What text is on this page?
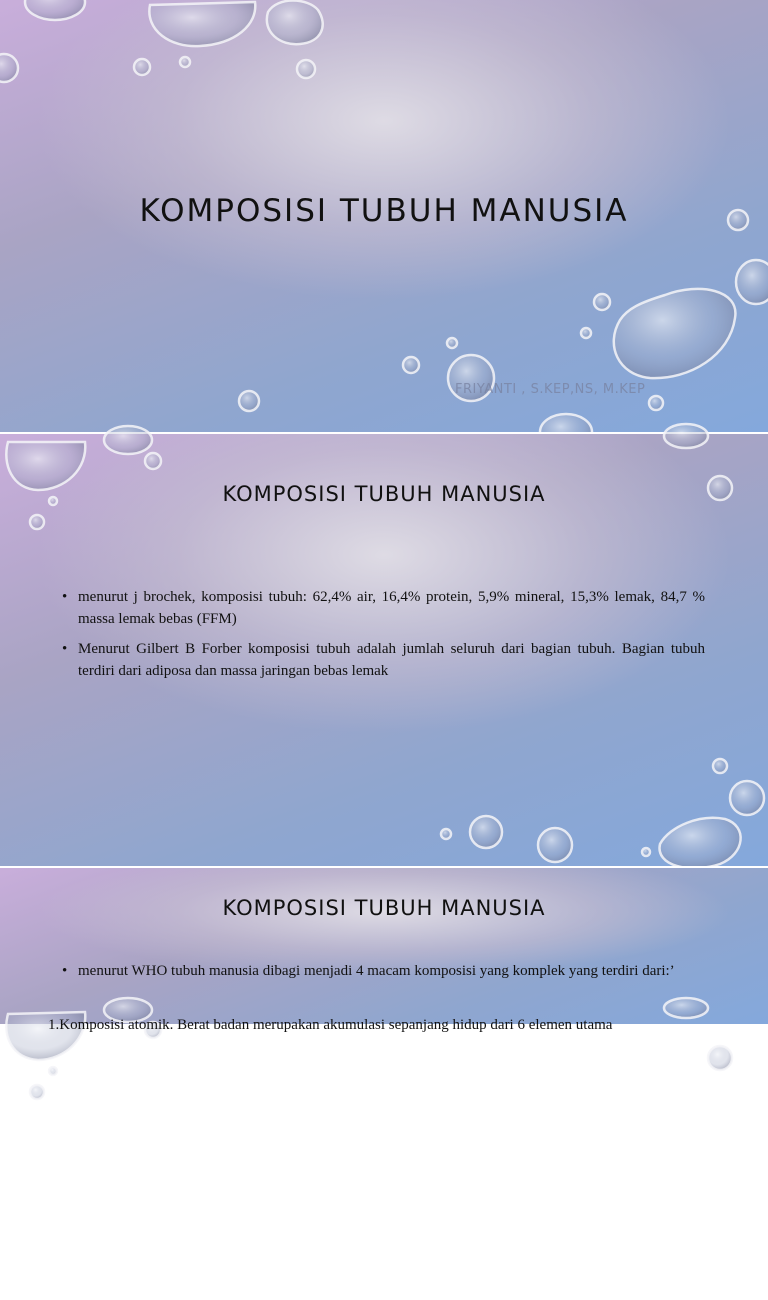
KOMPOSISI TUBUH MANUSIA
FRIYANTI , S.KEP,NS, M.KEP
KOMPOSISI TUBUH MANUSIA
• menurut j brochek, komposisi tubuh: 62,4% air, 16,4% protein, 5,9% mineral, 15,3% lemak, 84,7 % massa lemak bebas (FFM)
• Menurut Gilbert B Forber komposisi tubuh adalah jumlah seluruh dari bagian tubuh. Bagian tubuh terdiri dari adiposa dan massa jaringan bebas lemak
KOMPOSISI TUBUH MANUSIA
• menurut WHO tubuh manusia dibagi menjadi 4 macam komposisi yang komplek yang terdiri dari:’
1.Komposisi atomik. Berat badan merupakan akumulasi sepanjang hidup dari 6 elemen utama
